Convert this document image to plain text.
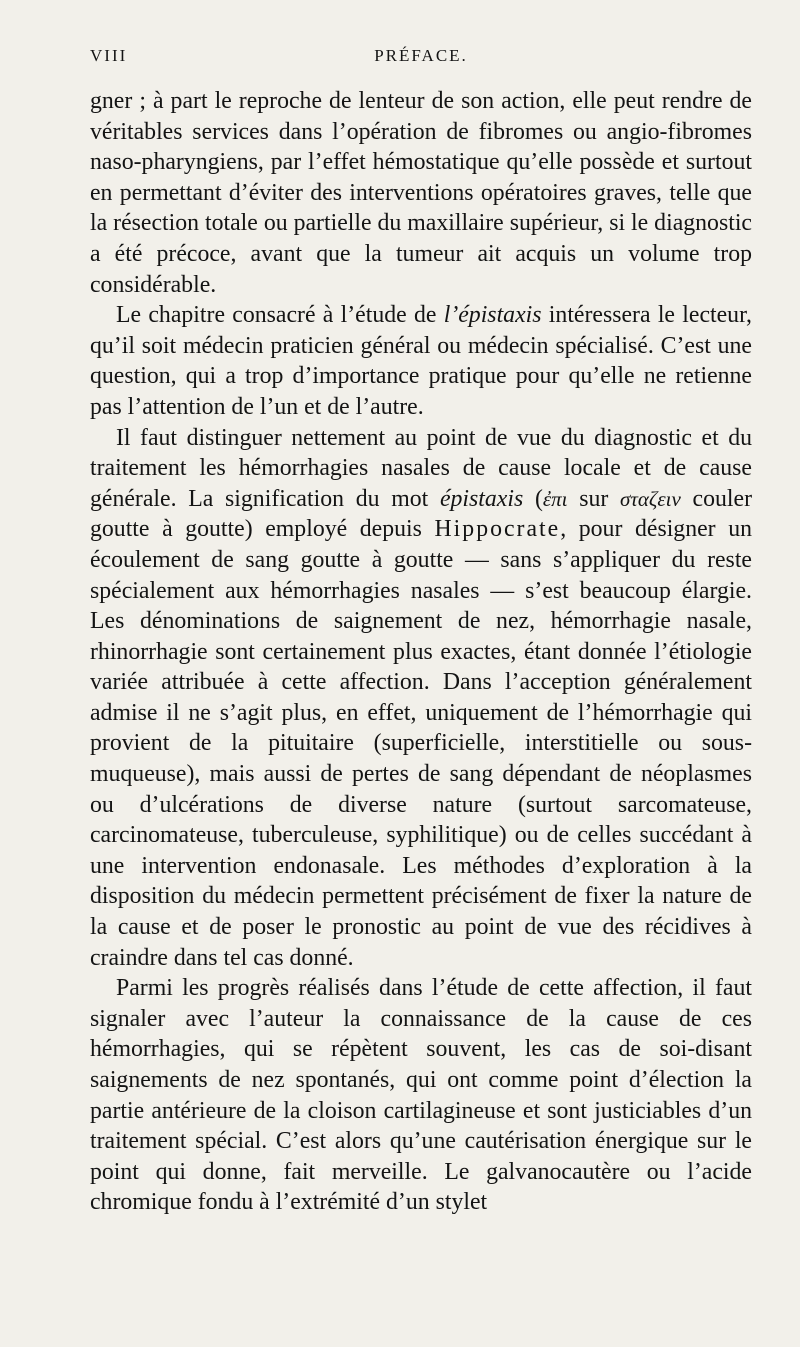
VIII	PRÉFACE.

gner ; à part le reproche de lenteur de son action, elle peut rendre de véritables services dans l’opération de fibromes ou angio-fibromes naso-pharyngiens, par l’effet hémostatique qu’elle possède et surtout en permettant d’éviter des interventions opératoires graves, telle que la résection totale ou partielle du maxillaire supérieur, si le diagnostic a été précoce, avant que la tumeur ait acquis un volume trop considérable.

Le chapitre consacré à l’étude de l’épistaxis intéressera le lecteur, qu’il soit médecin praticien général ou médecin spécialisé. C’est une question, qui a trop d’importance pratique pour qu’elle ne retienne pas l’attention de l’un et de l’autre.

Il faut distinguer nettement au point de vue du diagnostic et du traitement les hémorrhagies nasales de cause locale et de cause générale. La signification du mot épistaxis (ἐπι sur σταζειν couler goutte à goutte) employé depuis Hippocrate, pour désigner un écoulement de sang goutte à goutte — sans s’appliquer du reste spécialement aux hémorrhagies nasales — s’est beaucoup élargie. Les dénominations de saignement de nez, hémorrhagie nasale, rhinorrhagie sont certainement plus exactes, étant donnée l’étiologie variée attribuée à cette affection. Dans l’acception généralement admise il ne s’agit plus, en effet, uniquement de l’hémorrhagie qui provient de la pituitaire (superficielle, interstitielle ou sous-muqueuse), mais aussi de pertes de sang dépendant de néoplasmes ou d’ulcérations de diverse nature (surtout sarcomateuse, carcinomateuse, tuberculeuse, syphilitique) ou de celles succédant à une intervention endonasale. Les méthodes d’exploration à la disposition du médecin permettent précisément de fixer la nature de la cause et de poser le pronostic au point de vue des récidives à craindre dans tel cas donné.

Parmi les progrès réalisés dans l’étude de cette affection, il faut signaler avec l’auteur la connaissance de la cause de ces hémorrhagies, qui se répètent souvent, les cas de soi-disant saignements de nez spontanés, qui ont comme point d’élection la partie antérieure de la cloison cartilagineuse et sont justiciables d’un traitement spécial. C’est alors qu’une cautérisation énergique sur le point qui donne, fait merveille. Le galvanocautère ou l’acide chromique fondu à l’extrémité d’un stylet
